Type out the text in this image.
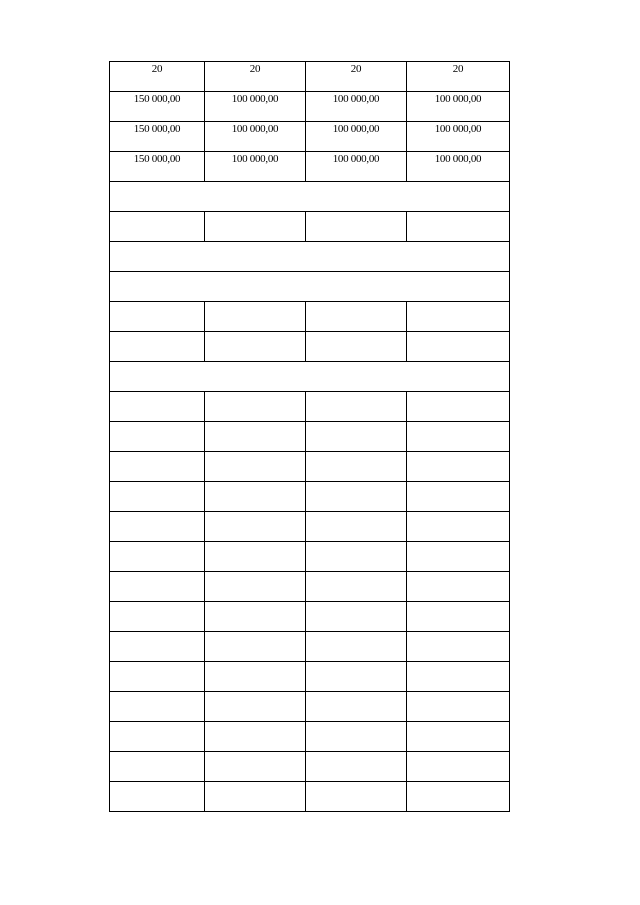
20	20	20	20

150 000,00	100 000,00	100 000,00	100 000,00

150 000,00	100 000,00	100 000,00	100 000,00

150 000,00	100 000,00	100 000,00	100 000,00
